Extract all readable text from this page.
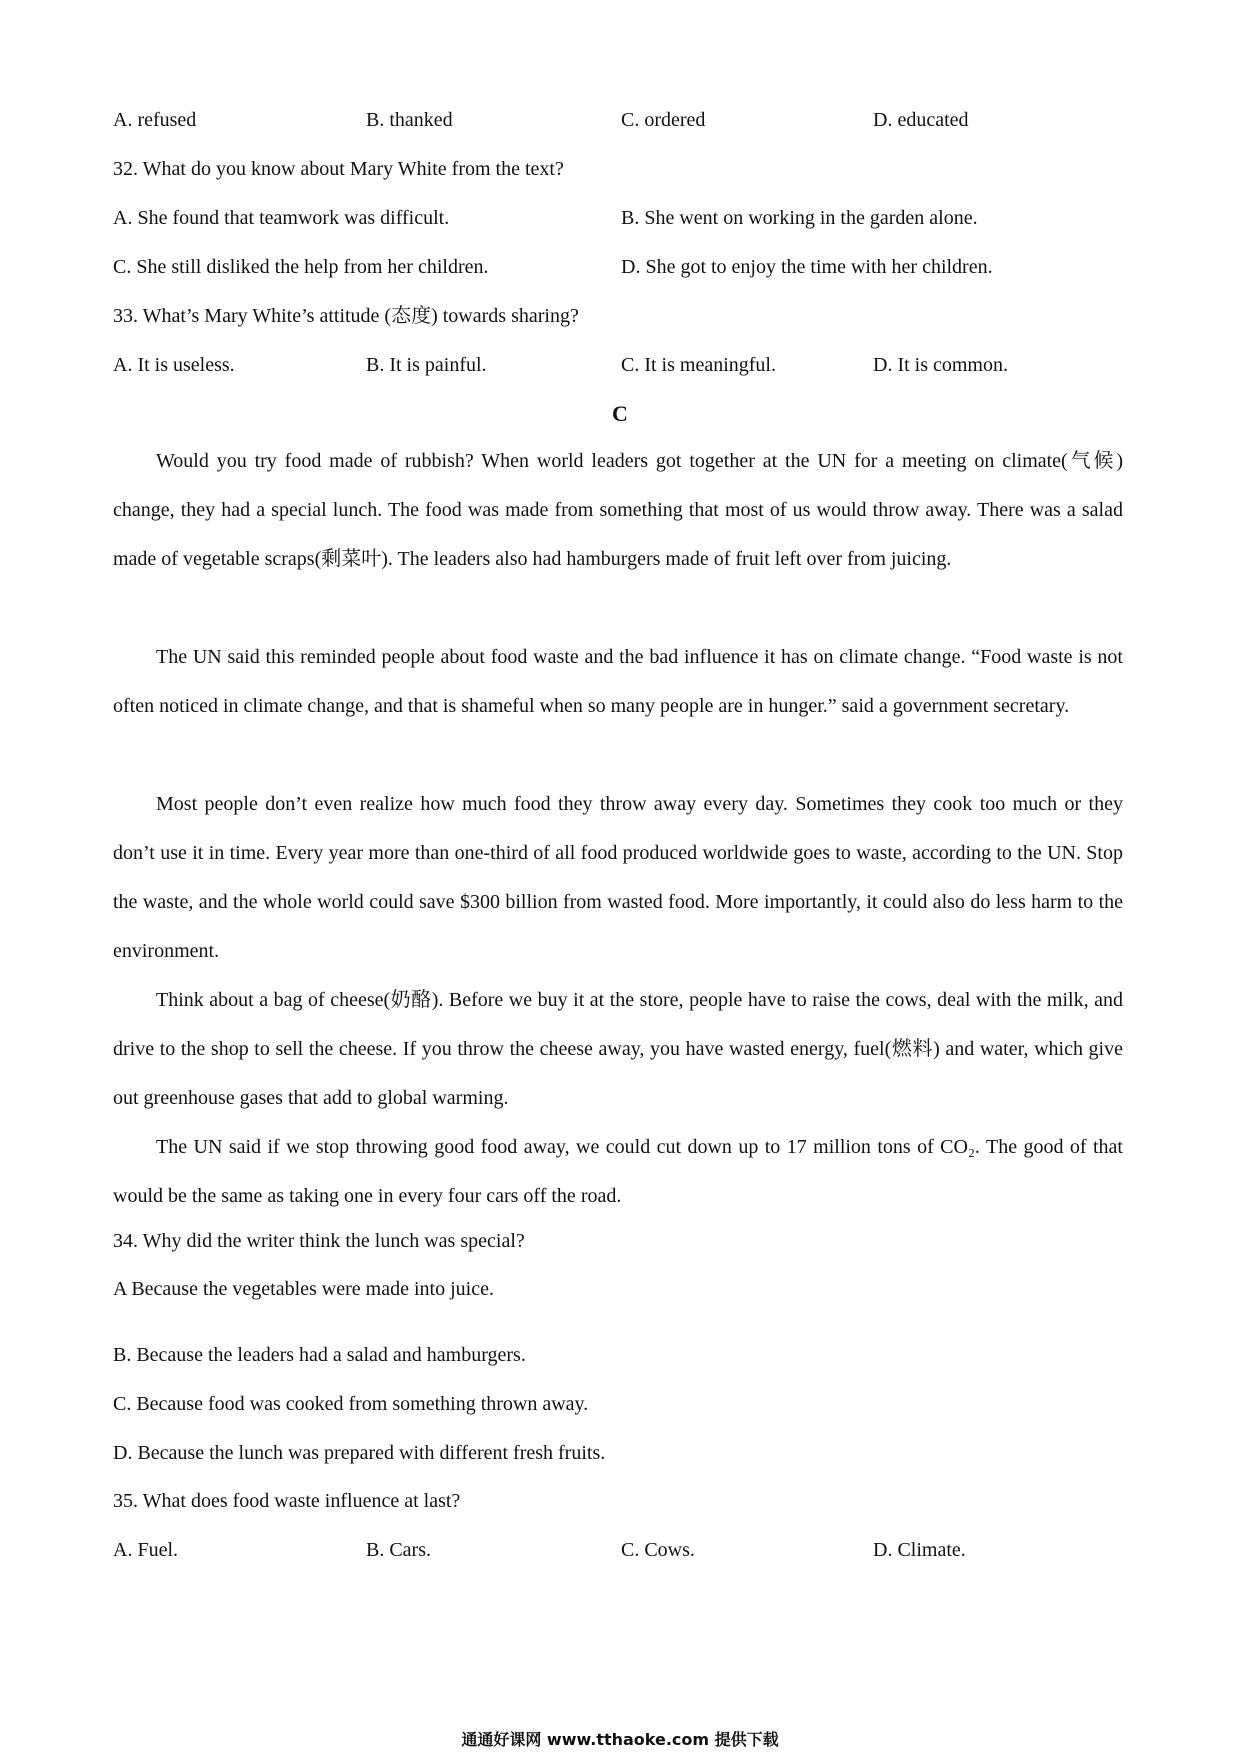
A. refused	B. thanked	C. ordered	D. educated
32. What do you know about Mary White from the text?
A. She found that teamwork was difficult.	B. She went on working in the garden alone.
C. She still disliked the help from her children.	D. She got to enjoy the time with her children.
33. What’s Mary White’s attitude (态度) towards sharing?
A. It is useless.	B. It is painful.	C. It is meaningful.	D. It is common.
C

Would you try food made of rubbish? When world leaders got together at the UN for a meeting on climate(气候) change, they had a special lunch. The food was made from something that most of us would throw away. There was a salad made of vegetable scraps(剩菜叶). The leaders also had hamburgers made of fruit left over from juicing.

The UN said this reminded people about food waste and the bad influence it has on climate change. “Food waste is not often noticed in climate change, and that is shameful when so many people are in hunger.” said a government secretary.

Most people don’t even realize how much food they throw away every day. Sometimes they cook too much or they don’t use it in time. Every year more than one-third of all food produced worldwide goes to waste, according to the UN. Stop the waste, and the whole world could save $300 billion from wasted food. More importantly, it could also do less harm to the environment.

Think about a bag of cheese(奶酪). Before we buy it at the store, people have to raise the cows, deal with the milk, and drive to the shop to sell the cheese. If you throw the cheese away, you have wasted energy, fuel(燃料) and water, which give out greenhouse gases that add to global warming.

The UN said if we stop throwing good food away, we could cut down up to 17 million tons of CO₂. The good of that would be the same as taking one in every four cars off the road.

34. Why did the writer think the lunch was special?
A Because the vegetables were made into juice.
B. Because the leaders had a salad and hamburgers.
C. Because food was cooked from something thrown away.
D. Because the lunch was prepared with different fresh fruits.
35. What does food waste influence at last?
A. Fuel.	B. Cars.	C. Cows.	D. Climate.
通通好课网 www.tthaoke.com 提供下载
